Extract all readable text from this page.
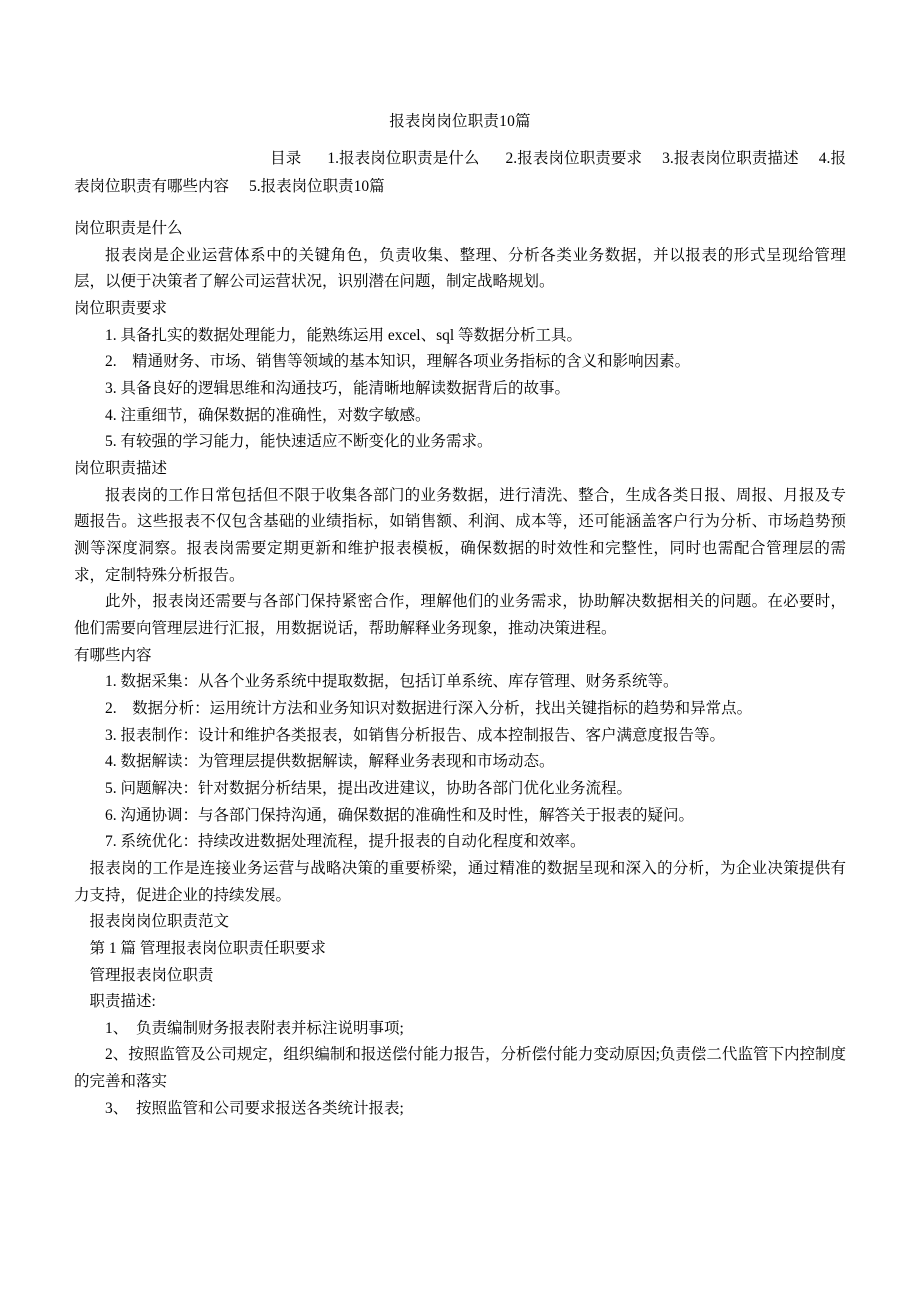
报表岗岗位职责10篇
目录 1.报表岗位职责是什么 2.报表岗位职责要求 3.报表岗位职责描述 4.报表岗位职责有哪些内容 5.报表岗位职责10篇
岗位职责是什么

报表岗是企业运营体系中的关键角色，负责收集、整理、分析各类业务数据，并以报表的形式呈现给管理层，以便于决策者了解公司运营状况，识别潜在问题，制定战略规划。

岗位职责要求

1. 具备扎实的数据处理能力，能熟练运用 excel、sql 等数据分析工具。

2.　精通财务、市场、销售等领域的基本知识，理解各项业务指标的含义和影响因素。

3. 具备良好的逻辑思维和沟通技巧，能清晰地解读数据背后的故事。

4. 注重细节，确保数据的准确性，对数字敏感。

5. 有较强的学习能力，能快速适应不断变化的业务需求。

岗位职责描述

报表岗的工作日常包括但不限于收集各部门的业务数据，进行清洗、整合，生成各类日报、周报、月报及专题报告。这些报表不仅包含基础的业绩指标，如销售额、利润、成本等，还可能涵盖客户行为分析、市场趋势预测等深度洞察。报表岗需要定期更新和维护报表模板，确保数据的时效性和完整性，同时也需配合管理层的需求，定制特殊分析报告。

此外，报表岗还需要与各部门保持紧密合作，理解他们的业务需求，协助解决数据相关的问题。在必要时，他们需要向管理层进行汇报，用数据说话，帮助解释业务现象，推动决策进程。

有哪些内容

1. 数据采集：从各个业务系统中提取数据，包括订单系统、库存管理、财务系统等。

2.　数据分析：运用统计方法和业务知识对数据进行深入分析，找出关键指标的趋势和异常点。

3. 报表制作：设计和维护各类报表，如销售分析报告、成本控制报告、客户满意度报告等。

4. 数据解读：为管理层提供数据解读，解释业务表现和市场动态。

5. 问题解决：针对数据分析结果，提出改进建议，协助各部门优化业务流程。

6. 沟通协调：与各部门保持沟通，确保数据的准确性和及时性，解答关于报表的疑问。

7. 系统优化：持续改进数据处理流程，提升报表的自动化程度和效率。

报表岗的工作是连接业务运营与战略决策的重要桥梁，通过精准的数据呈现和深入的分析，为企业决策提供有力支持，促进企业的持续发展。

报表岗岗位职责范文

第 1 篇 管理报表岗位职责任职要求

管理报表岗位职责

职责描述:

1、　负责编制财务报表附表并标注说明事项;

2、按照监管及公司规定，组织编制和报送偿付能力报告，分析偿付能力变动原因;负责偿二代监管下内控制度的完善和落实

3、　按照监管和公司要求报送各类统计报表;
